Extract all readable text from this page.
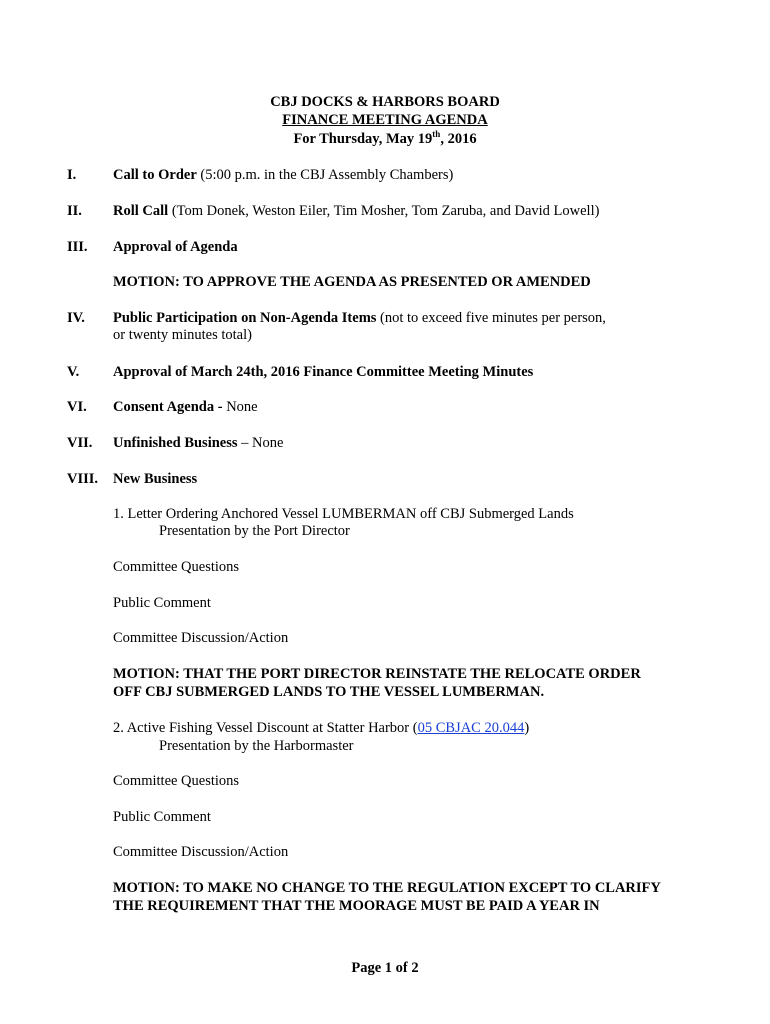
CBJ DOCKS & HARBORS BOARD
FINANCE MEETING AGENDA
For Thursday, May 19th, 2016
I.	Call to Order (5:00 p.m. in the CBJ Assembly Chambers)
II. Roll Call (Tom Donek, Weston Eiler, Tim Mosher, Tom Zaruba, and David Lowell)
III. Approval of Agenda
MOTION: TO APPROVE THE AGENDA AS PRESENTED OR AMENDED
IV. Public Participation on Non-Agenda Items (not to exceed five minutes per person,
or twenty minutes total)
V. Approval of March 24th, 2016 Finance Committee Meeting Minutes
VI. Consent Agenda - None
VII. Unfinished Business – None
VIII. New Business
1. Letter Ordering Anchored Vessel LUMBERMAN off CBJ Submerged Lands
Presentation by the Port Director
Committee Questions
Public Comment
Committee Discussion/Action
MOTION: THAT THE PORT DIRECTOR REINSTATE THE RELOCATE ORDER
OFF CBJ SUBMERGED LANDS TO THE VESSEL LUMBERMAN.
2. Active Fishing Vessel Discount at Statter Harbor (05 CBJAC 20.044)
Presentation by the Harbormaster
Committee Questions
Public Comment
Committee Discussion/Action
MOTION: TO MAKE NO CHANGE TO THE REGULATION EXCEPT TO CLARIFY
THE REQUIREMENT THAT THE MOORAGE MUST BE PAID A YEAR IN
Page 1 of 2
